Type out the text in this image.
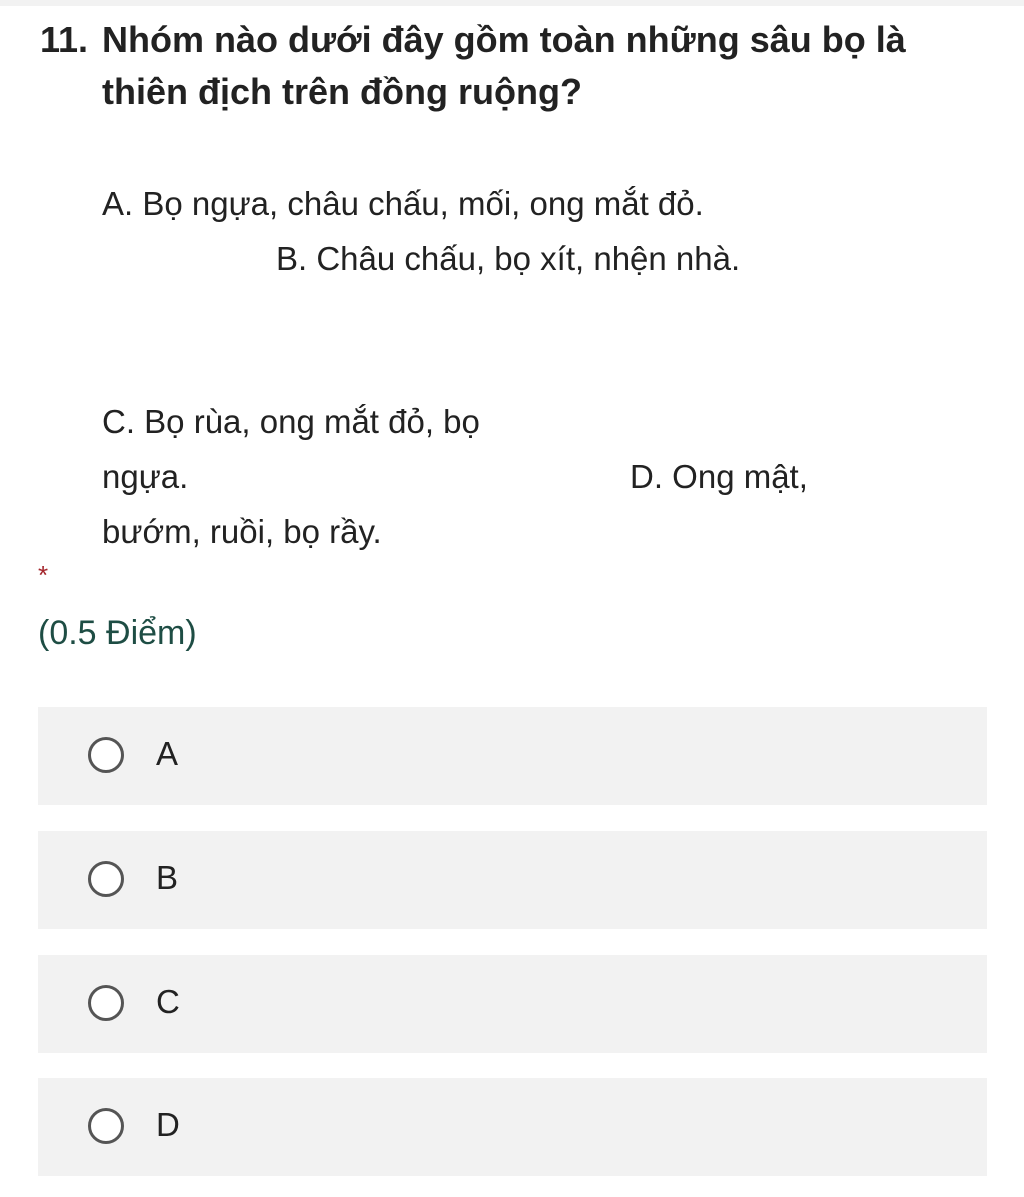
11. Nhóm nào dưới đây gồm toàn những sâu bọ là thiên địch trên đồng ruộng?
A. Bọ ngựa, châu chấu, mối, ong mắt đỏ.
B. Châu chấu, bọ xít, nhện nhà.
C. Bọ rùa, ong mắt đỏ, bọ
ngựa.	D. Ong mật,
bướm, ruồi, bọ rầy.
*
(0.5 Điểm)
A
B
C
D
